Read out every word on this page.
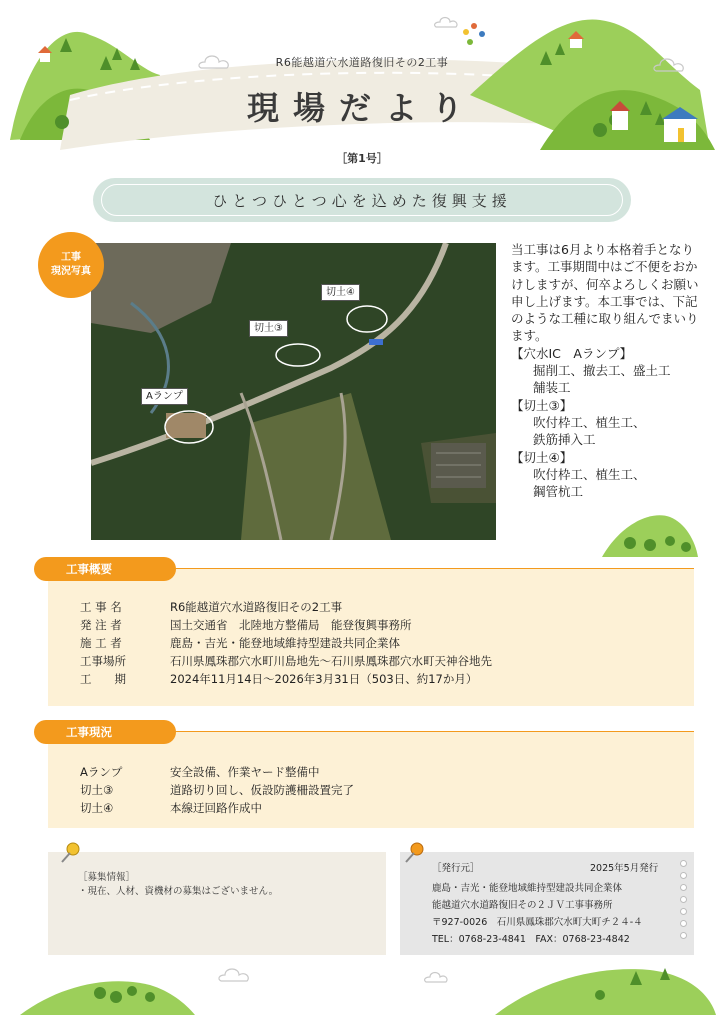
R6能越道穴水道路復旧その2工事
現場だより
［第1号］
ひとつひとつ心を込めた復興支援
工事
現況写真
切土④
切土③
Aランプ
当工事は6月より本格着手となります。工事期間中はご不便をおかけしますが、何卒よろしくお願い申し上げます。本工事では、下記のような工種に取り組んでまいります。
【穴水IC　Aランプ】
掘削工、撤去工、盛土工
舗装工
【切土③】
吹付枠工、植生工、
鉄筋挿入工
【切土④】
吹付枠工、植生工、
鋼管杭工
工事概要
工 事 名	R6能越道穴水道路復旧その2工事
発 注 者	国土交通省　北陸地方整備局　能登復興事務所
施 工 者	鹿島・吉光・能登地域維持型建設共同企業体
工事場所	石川県鳳珠郡穴水町川島地先～石川県鳳珠郡穴水町天神谷地先
工　　期	2024年11月14日～2026年3月31日（503日、約17か月）
工事現況
Aランプ	安全設備、作業ヤード整備中
切土③	道路切り回し、仮設防護柵設置完了
切土④	本線迂回路作成中
［募集情報］
・現在、人材、資機材の募集はございません。
［発行元］	2025年5月発行
鹿島・吉光・能登地域維持型建設共同企業体
能越道穴水道路復旧その２ＪＶ工事事務所
〒927-0026　石川県鳳珠郡穴水町大町チ２４-４
TEL：0768-23-4841　FAX：0768-23-4842
